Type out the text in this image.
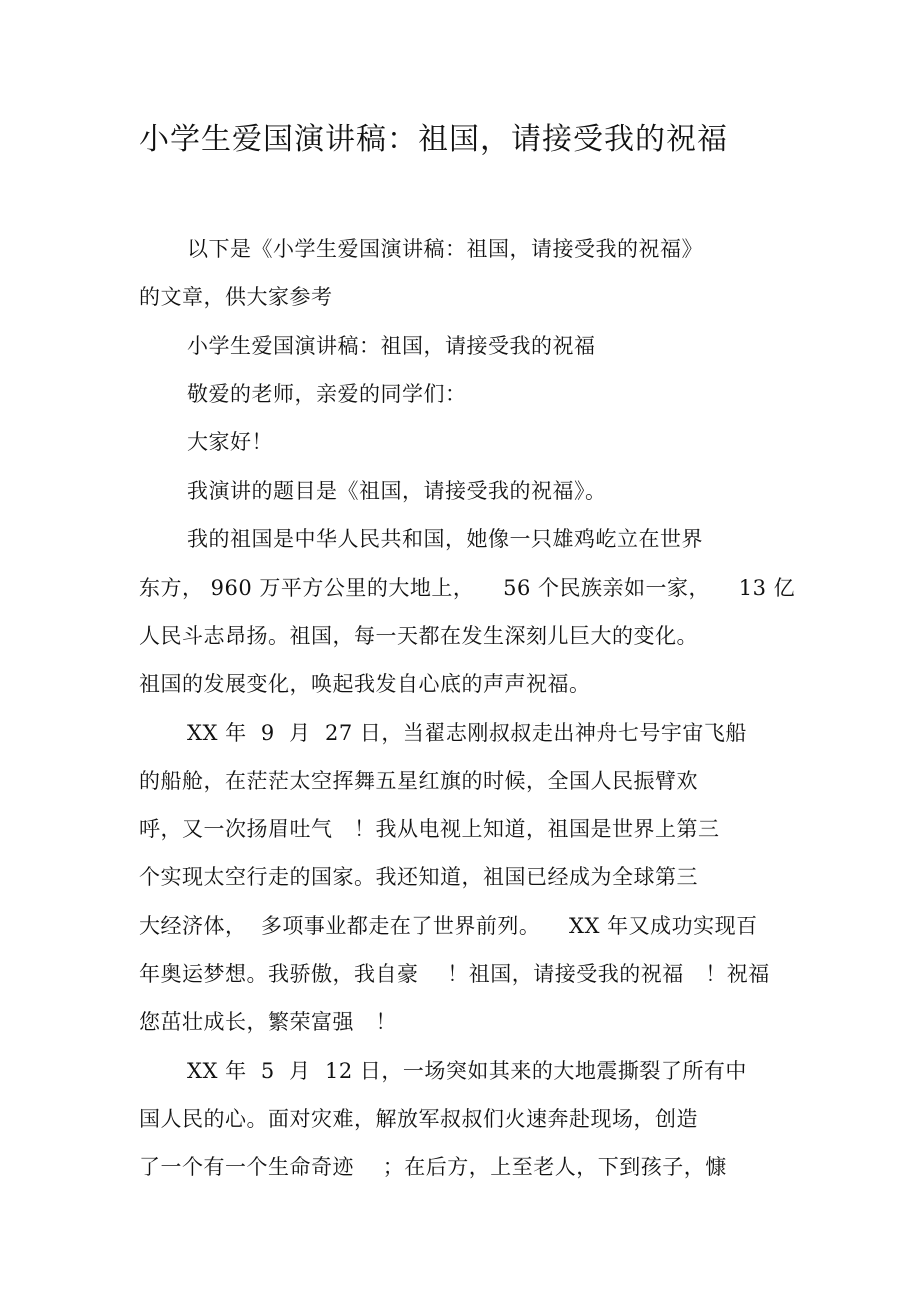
小学生爱国演讲稿：祖国，请接受我的祝福
以下是《小学生爱国演讲稿：祖国，请接受我的祝福》
的文章，供大家参考
小学生爱国演讲稿：祖国，请接受我的祝福
敬爱的老师，亲爱的同学们：
大家好！
我演讲的题目是《祖国，请接受我的祝福》。
我的祖国是中华人民共和国，她像一只雄鸡屹立在世界
东方， 960 万平方公里的大地上，    56 个民族亲如一家，    13 亿
人民斗志昂扬。祖国，每一天都在发生深刻儿巨大的变化。
祖国的发展变化，唤起我发自心底的声声祝福。
XX 年  9  月  27 日，当翟志刚叔叔走出神舟七号宇宙飞船
的船舱，在茫茫太空挥舞五星红旗的时候，全国人民振臂欢
呼，又一次扬眉吐气   ！我从电视上知道，祖国是世界上第三
个实现太空行走的国家。我还知道，祖国已经成为全球第三
大经济体，  多项事业都走在了世界前列。    XX 年又成功实现百
年奥运梦想。我骄傲，我自豪    ！祖国，请接受我的祝福   ！祝福
您茁壮成长，繁荣富强   ！
XX 年  5  月  12 日，一场突如其来的大地震撕裂了所有中
国人民的心。面对灾难，解放军叔叔们火速奔赴现场，创造
了一个有一个生命奇迹    ；在后方，上至老人，下到孩子，慷
